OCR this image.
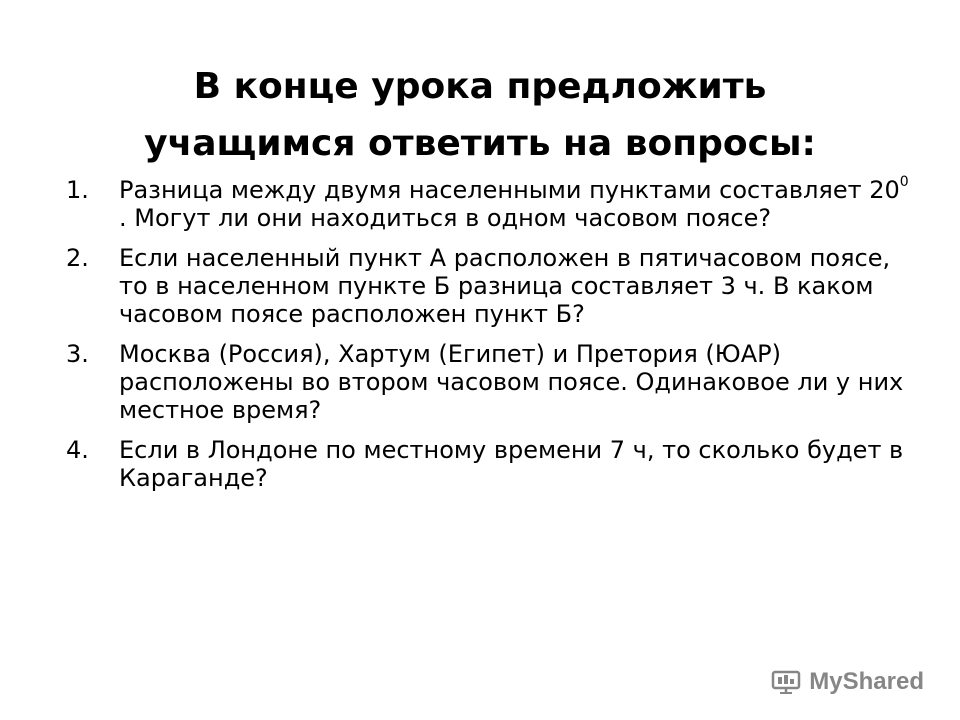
В конце урока предложить
учащимся ответить на вопросы:
1. Разница между двумя населенными пунктами составляет $20^0$ . Могут ли они находиться в одном часовом поясе?
2. Если населенный пункт А расположен в пятичасовом поясе, то в населенном пункте Б разница составляет 3 ч. В каком часовом поясе расположен пункт Б?
3. Москва (Россия), Хартум (Египет) и Претория (ЮАР) расположены во втором часовом поясе. Одинаковое ли у них местное время?
4. Если в Лондоне по местному времени 7 ч, то сколько будет в Караганде?
MyShared
